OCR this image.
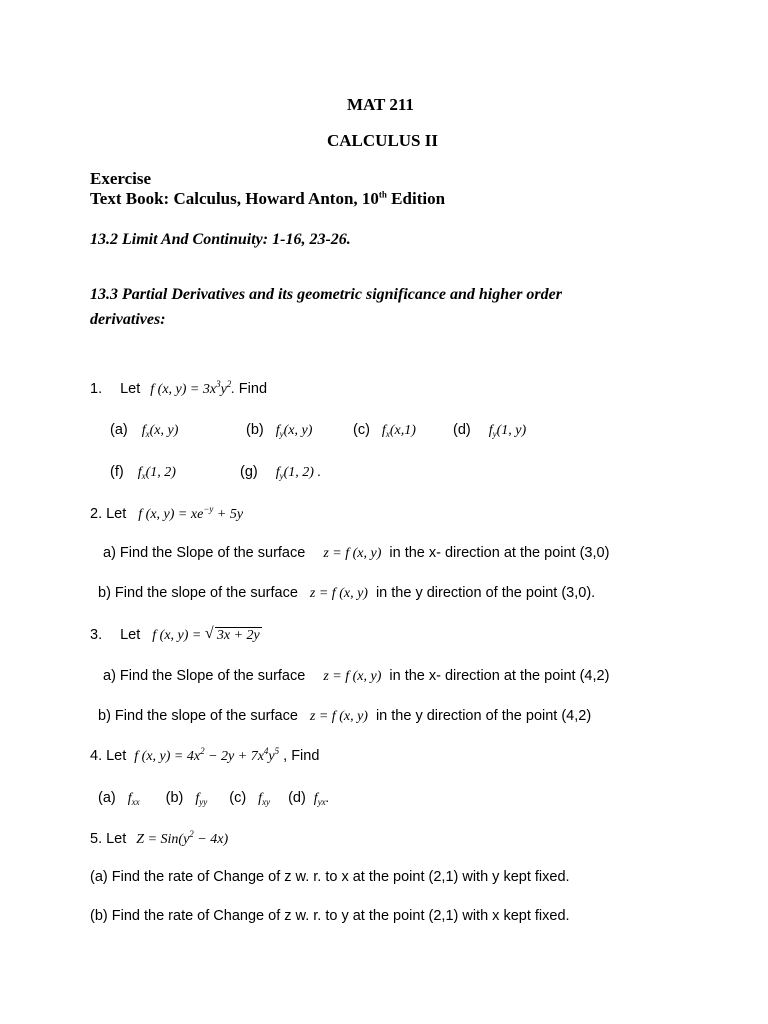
MAT 211
CALCULUS II
Exercise
Text Book: Calculus, Howard Anton, 10th Edition
13.2 Limit And Continuity: 1-16, 23-26.
13.3 Partial Derivatives and its geometric significance and higher order
derivatives:
1. Let f (x, $y) = 3x^3y^2$. Find
(a) $f_x(x$, y)	(b) $f_y(x$, y)	(c) $f_x(x,1)$	(d) $f_y(1$, y)
(f) $f_x(1$, 2)	(g) $f_y(1$, 2) .
2. Let f (x, $y) = xe^{-y} + 5y$
a) Find the Slope of the surface z = f (x, y) in the x- direction at the point (3,0)
b) Find the slope of the surface z = f (x, y) in the y direction of the point (3,0).
3. Let f (x, y) = √ 3x + 2y
a) Find the Slope of the surface z = f (x, y) in the x- direction at the point (4,2)
b) Find the slope of the surface z = f (x, y) in the y direction of the point (4,2)
4. Let f (x, $y) = 4x^2 - 2y + 7x^4y^5$ , Find
(a) $f_{xx}$ (b) $f_{yy}$ (c) $f_{xy}$ (d) $f_{yx}$.
5. Let $Z = Sin(y^2 - 4x)$
(a) Find the rate of Change of z w. r. to x at the point (2,1) with y kept fixed.
(b) Find the rate of Change of z w. r. to y at the point (2,1) with x kept fixed.
